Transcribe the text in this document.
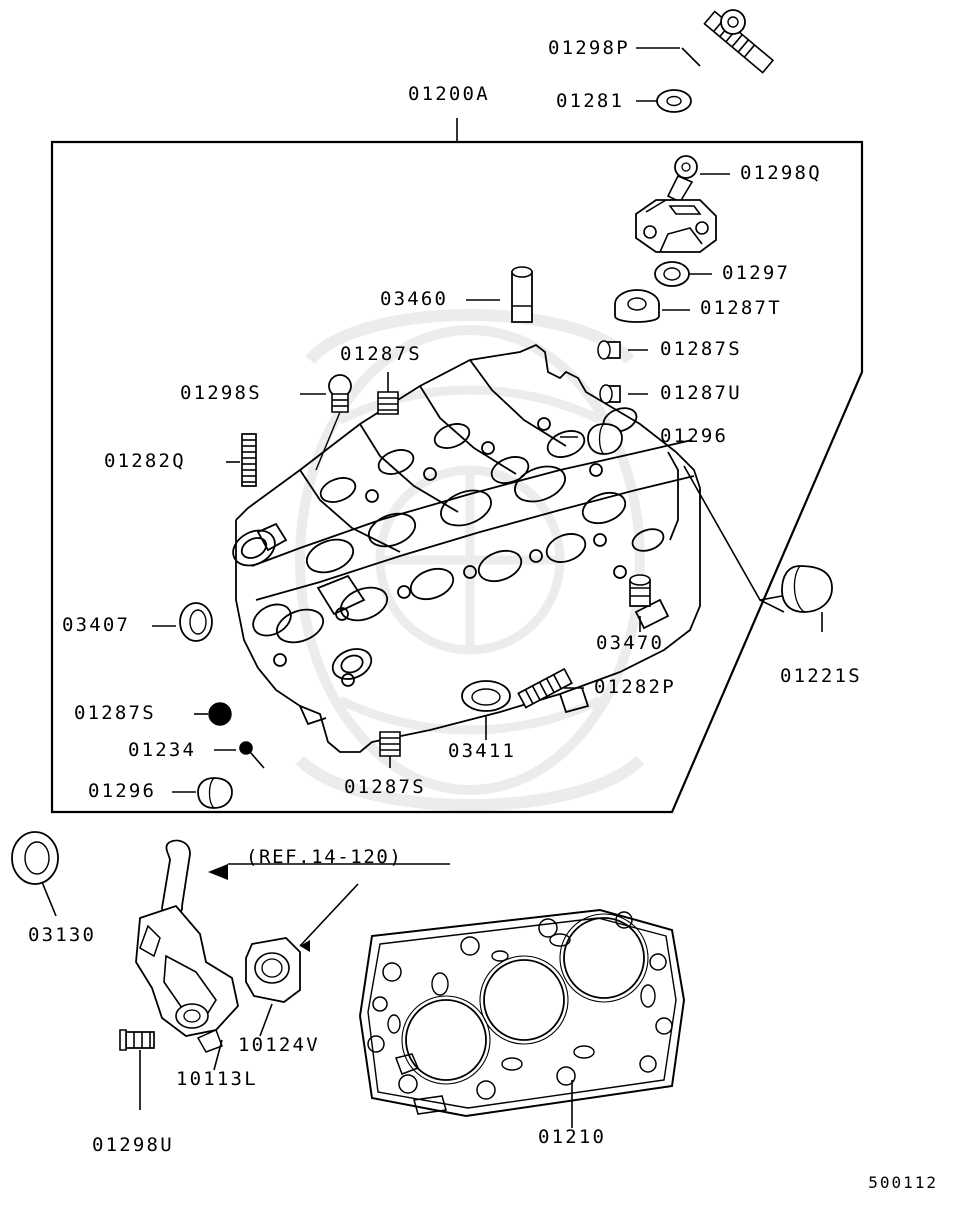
01298P
01281
01200A
01298Q
01297
01287T
01287S
01287U
01296
03460
01287S
01298S
01282Q
03407
03470
01282P	01221S
01287S
01234
01296	01287S
03411
03130
(REF.14-120)
10124V
10113L
01298U	01210
500112
